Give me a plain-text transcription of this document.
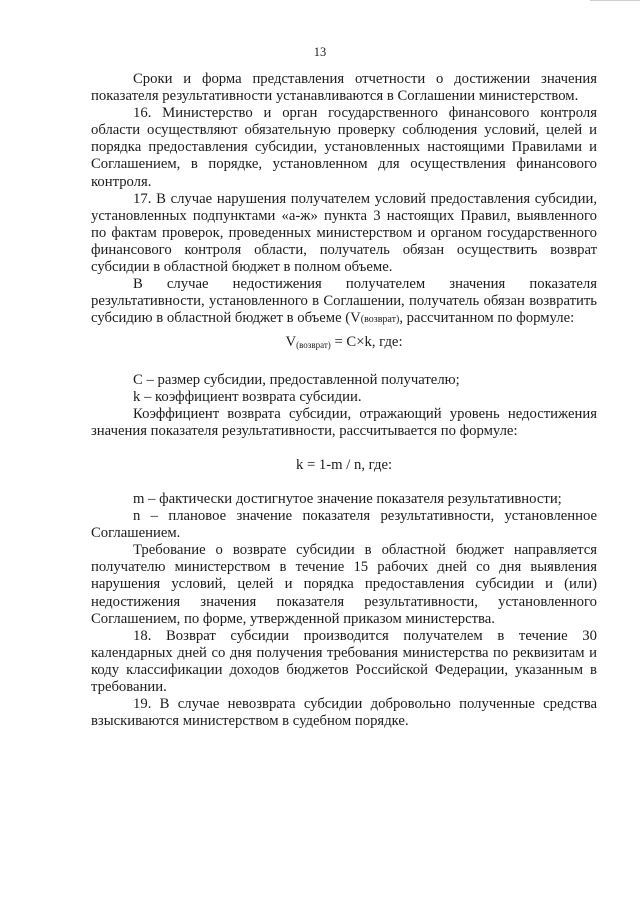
13

Сроки и форма представления отчетности о достижении значения показателя результативности устанавливаются в Соглашении министерством.

16. Министерство и орган государственного финансового контроля области осуществляют обязательную проверку соблюдения условий, целей и порядка предоставления субсидии, установленных настоящими Правилами и Соглашением, в порядке, установленном для осуществления финансового контроля.

17. В случае нарушения получателем условий предоставления субсидии, установленных подпунктами «а-ж» пункта 3 настоящих Правил, выявленного по фактам проверок, проведенных министерством и органом государственного финансового контроля области, получатель обязан осуществить возврат субсидии в областной бюджет в полном объеме.

В случае недостижения получателем значения показателя результативности, установленного в Соглашении, получатель обязан возвратить субсидию в областной бюджет в объеме (V(возврат), рассчитанном по формуле:

$V_{(возврат)} = C\times k$, где:

C – размер субсидии, предоставленной получателю;

k – коэффициент возврата субсидии.

Коэффициент возврата субсидии, отражающий уровень недостижения значения показателя результативности, рассчитывается по формуле:

k = 1-m / n, где:

m – фактически достигнутое значение показателя результативности;

n – плановое значение показателя результативности, установленное Соглашением.

Требование о возврате субсидии в областной бюджет направляется получателю министерством в течение 15 рабочих дней со дня выявления нарушения условий, целей и порядка предоставления субсидии и (или) недостижения значения показателя результативности, установленного Соглашением, по форме, утвержденной приказом министерства.

18. Возврат субсидии производится получателем в течение 30 календарных дней со дня получения требования министерства по реквизитам и коду классификации доходов бюджетов Российской Федерации, указанным в требовании.

19. В случае невозврата субсидии добровольно полученные средства взыскиваются министерством в судебном порядке.
